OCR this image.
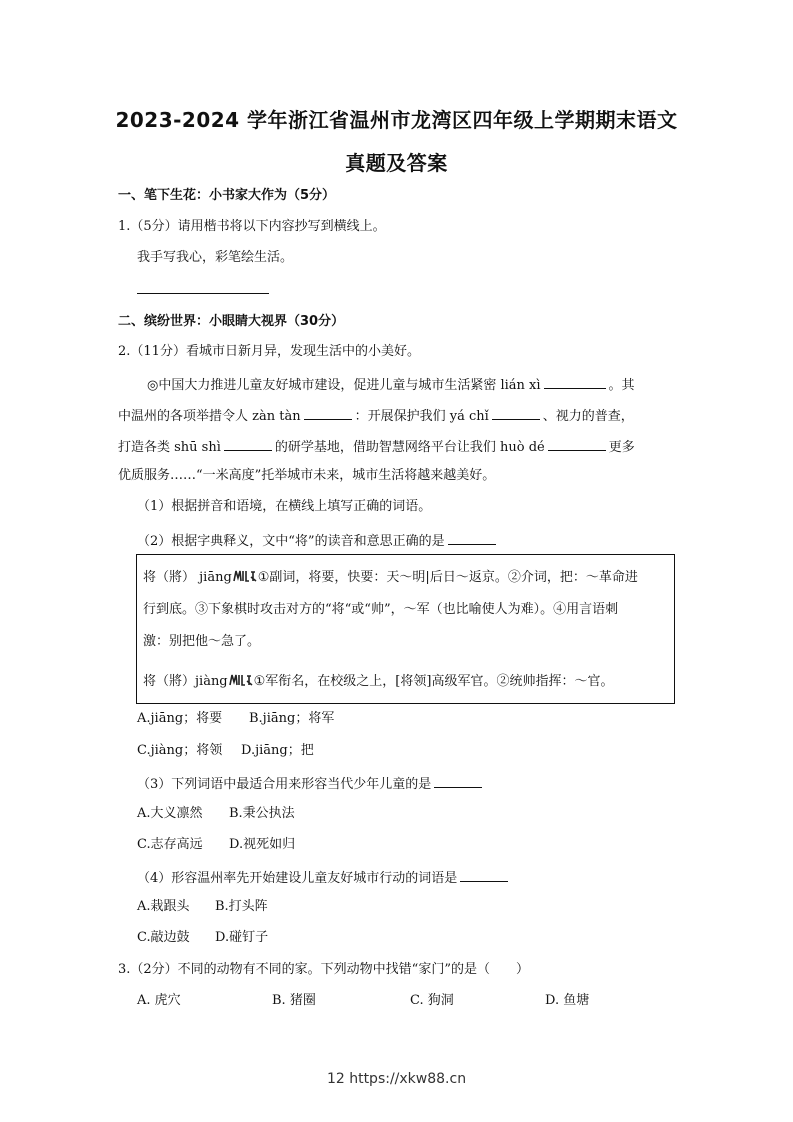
2023-2024 学年浙江省温州市龙湾区四年级上学期期末语文
真题及答案
一、笔下生花：小书家大作为（5分）
1.（5分）请用楷书将以下内容抄写到横线上。
我手写我心，彩笔绘生活。
二、缤纷世界：小眼睛大视界（30分）
2.（11分）看城市日新月异，发现生活中的小美好。
◎中国大力推进儿童友好城市建设，促进儿童与城市生活紧密 lián xì	。其
中温州的各项举措令人 zàn tàn	：开展保护我们 yá chǐ	、视力的普查，
打造各类 shū shì	的研学基地，借助智慧网络平台让我们 huò dé	更多
优质服务……“一米高度”托举城市未来，城市生活将越来越美好。
（1）根据拼音和语境，在横线上填写正确的词语。
（2）根据字典释义，文中“将”的读音和意思正确的是
将（將） jiāng ①副词，将要，快要：天～明|后日～返京。②介词，把：～革命进
行到底。③下象棋时攻击对方的“将“或“帅”，～军（也比喻使人为难）。④用言语刺
激：别把他～急了。
将（將）jiàng ①军衔名，在校级之上，[将领]高级军官。②统帅指挥：～官。
A.jiāng；将要 B.jiāng；将军
C.jiàng；将领 D.jiāng；把
（3）下列词语中最适合用来形容当代少年儿童的是
A.大义凛然 B.秉公执法
C.志存高远 D.视死如归
（4）形容温州率先开始建设儿童友好城市行动的词语是
A.栽跟头 B.打头阵
C.敲边鼓 D.碰钉子
3.（2分）不同的动物有不同的家。下列动物中找错“家门”的是（　　）
A. 虎穴	B. 猪圈	C. 狗洞	D. 鱼塘
12 https://xkw88.cn
